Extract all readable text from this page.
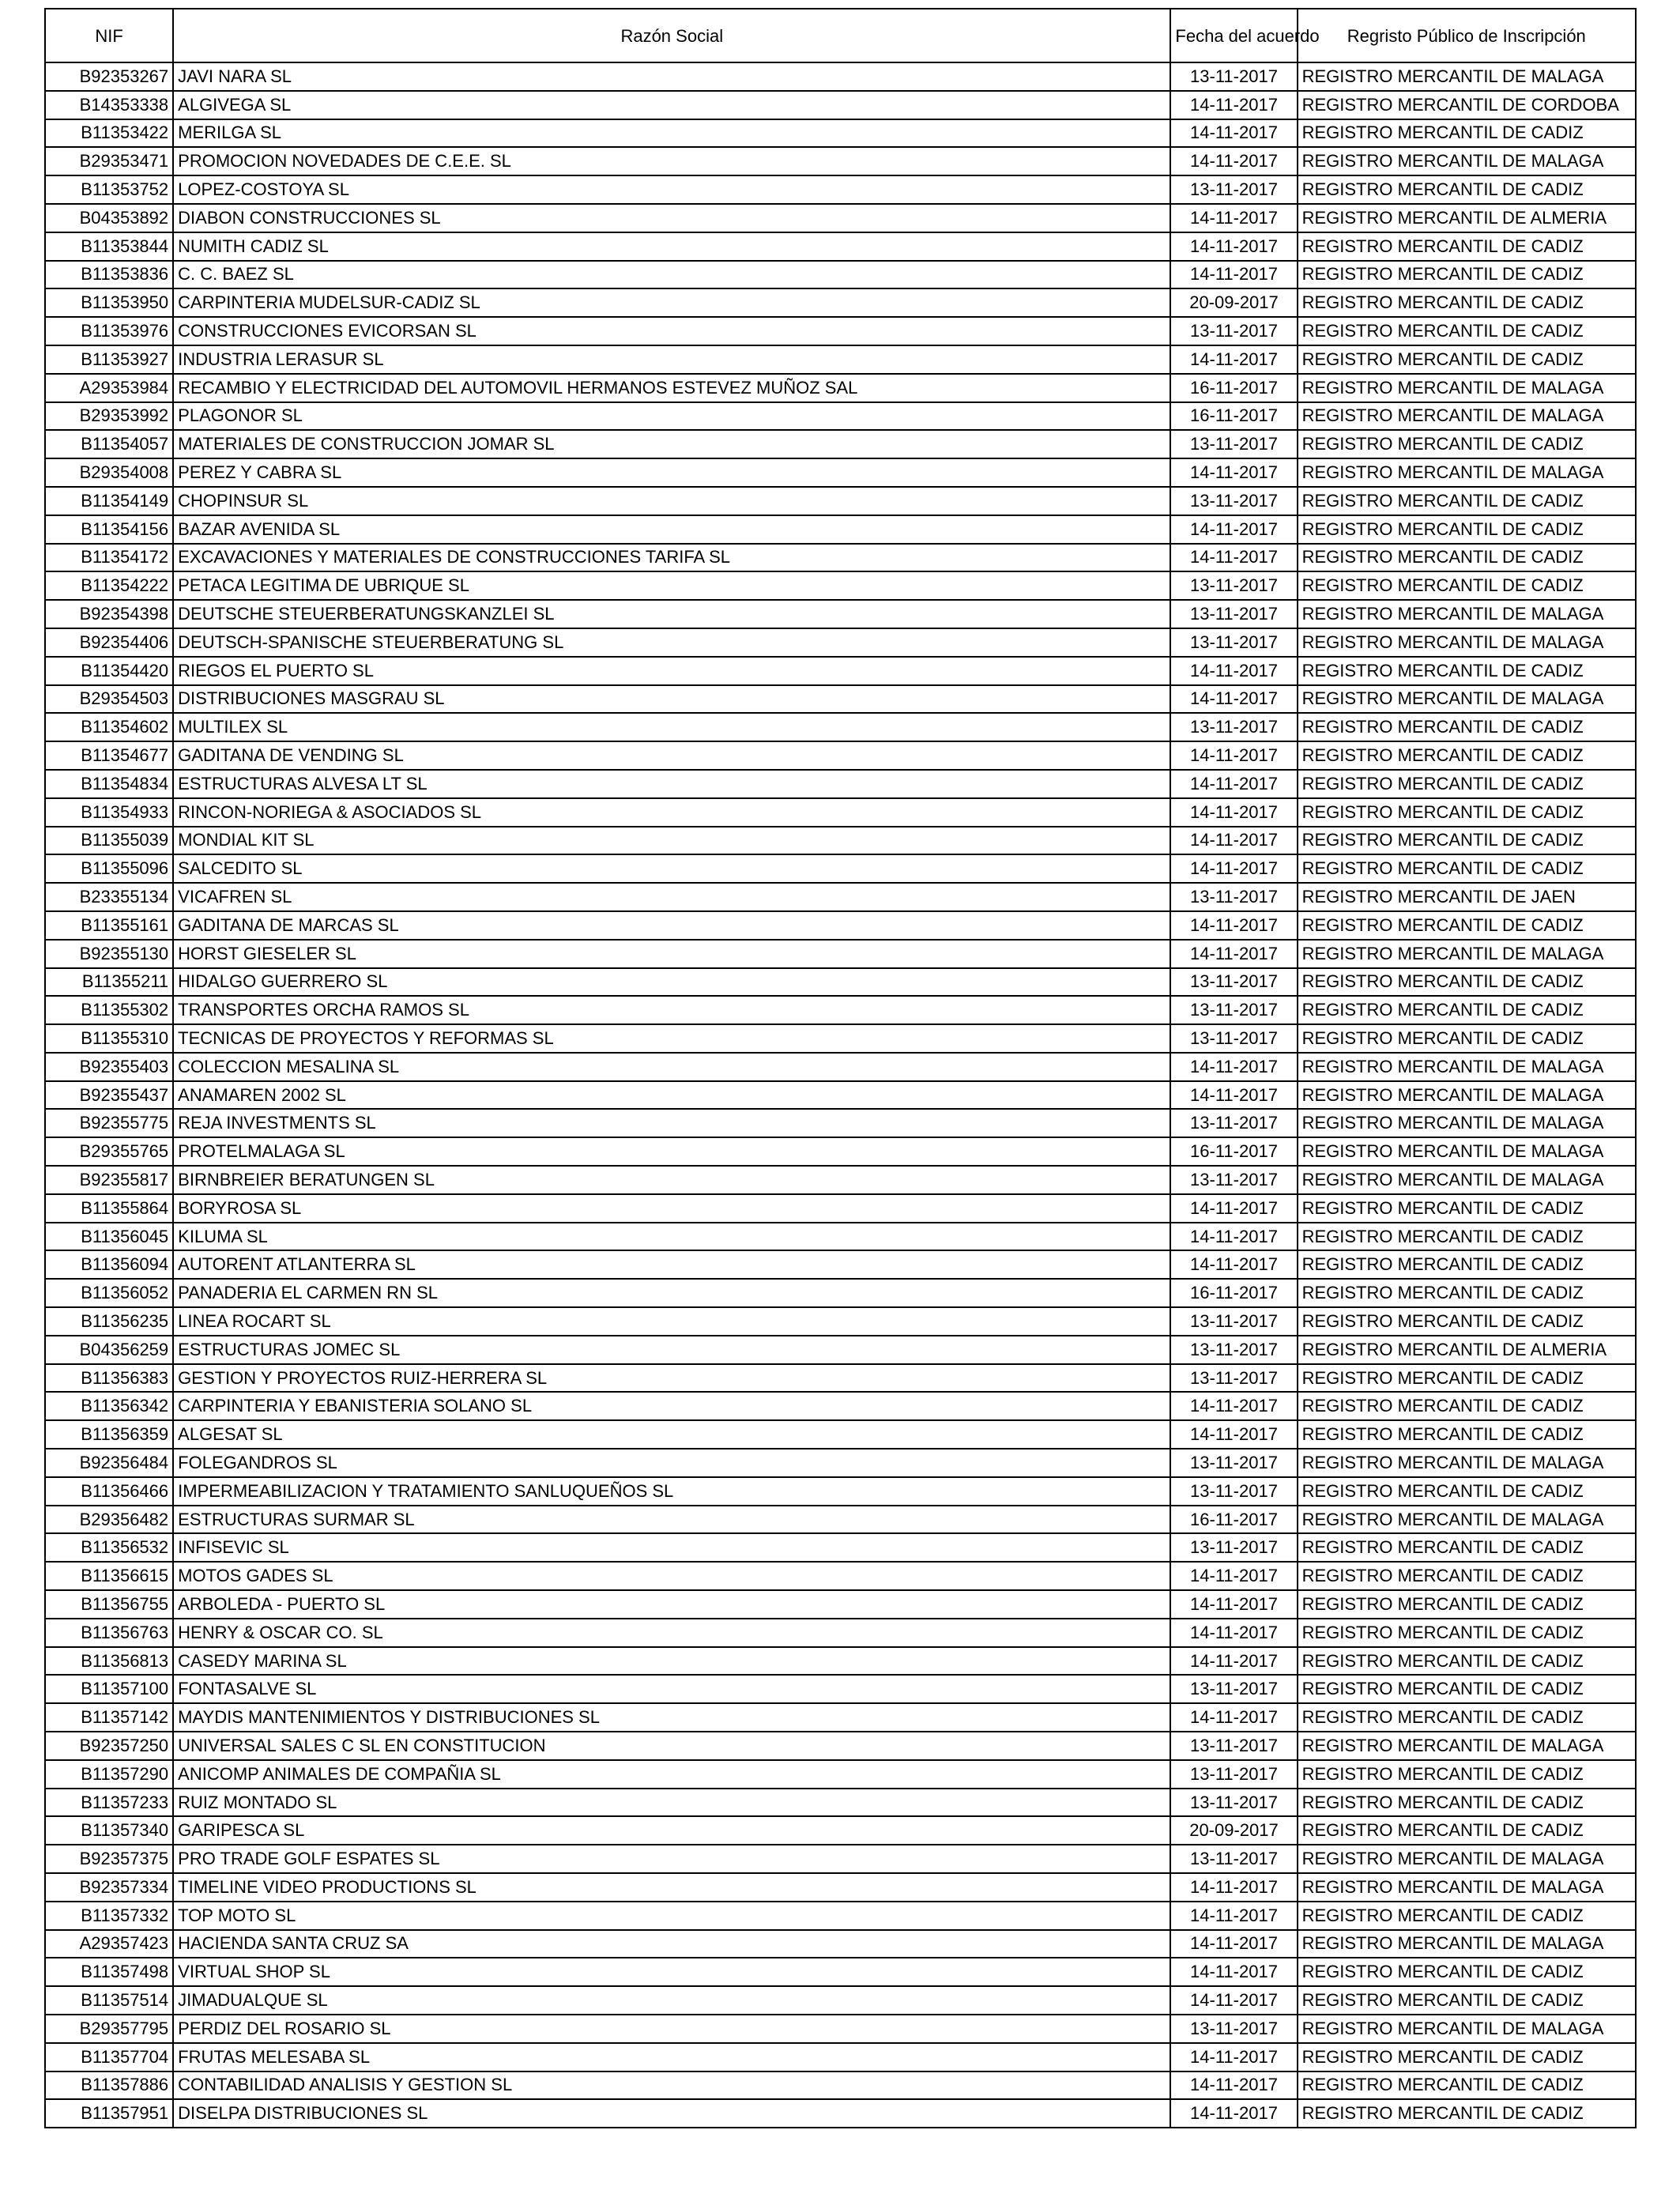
NIF	Razón Social	Fecha del acuerdo	Regristo Público de Inscripción
B92353267	JAVI NARA SL	13-11-2017	REGISTRO MERCANTIL DE MALAGA
B14353338	ALGIVEGA SL	14-11-2017	REGISTRO MERCANTIL DE CORDOBA
B11353422	MERILGA SL	14-11-2017	REGISTRO MERCANTIL DE CADIZ
B29353471	PROMOCION NOVEDADES DE C.E.E. SL	14-11-2017	REGISTRO MERCANTIL DE MALAGA
B11353752	LOPEZ-COSTOYA SL	13-11-2017	REGISTRO MERCANTIL DE CADIZ
B04353892	DIABON CONSTRUCCIONES SL	14-11-2017	REGISTRO MERCANTIL DE ALMERIA
B11353844	NUMITH CADIZ SL	14-11-2017	REGISTRO MERCANTIL DE CADIZ
B11353836	C. C. BAEZ SL	14-11-2017	REGISTRO MERCANTIL DE CADIZ
B11353950	CARPINTERIA MUDELSUR-CADIZ SL	20-09-2017	REGISTRO MERCANTIL DE CADIZ
B11353976	CONSTRUCCIONES EVICORSAN SL	13-11-2017	REGISTRO MERCANTIL DE CADIZ
B11353927	INDUSTRIA LERASUR SL	14-11-2017	REGISTRO MERCANTIL DE CADIZ
A29353984	RECAMBIO Y ELECTRICIDAD DEL AUTOMOVIL HERMANOS ESTEVEZ MUÑOZ SAL	16-11-2017	REGISTRO MERCANTIL DE MALAGA
B29353992	PLAGONOR SL	16-11-2017	REGISTRO MERCANTIL DE MALAGA
B11354057	MATERIALES DE CONSTRUCCION JOMAR SL	13-11-2017	REGISTRO MERCANTIL DE CADIZ
B29354008	PEREZ Y CABRA SL	14-11-2017	REGISTRO MERCANTIL DE MALAGA
B11354149	CHOPINSUR SL	13-11-2017	REGISTRO MERCANTIL DE CADIZ
B11354156	BAZAR AVENIDA SL	14-11-2017	REGISTRO MERCANTIL DE CADIZ
B11354172	EXCAVACIONES Y MATERIALES DE CONSTRUCCIONES TARIFA SL	14-11-2017	REGISTRO MERCANTIL DE CADIZ
B11354222	PETACA LEGITIMA DE UBRIQUE SL	13-11-2017	REGISTRO MERCANTIL DE CADIZ
B92354398	DEUTSCHE STEUERBERATUNGSKANZLEI SL	13-11-2017	REGISTRO MERCANTIL DE MALAGA
B92354406	DEUTSCH-SPANISCHE STEUERBERATUNG SL	13-11-2017	REGISTRO MERCANTIL DE MALAGA
B11354420	RIEGOS EL PUERTO SL	14-11-2017	REGISTRO MERCANTIL DE CADIZ
B29354503	DISTRIBUCIONES MASGRAU SL	14-11-2017	REGISTRO MERCANTIL DE MALAGA
B11354602	MULTILEX SL	13-11-2017	REGISTRO MERCANTIL DE CADIZ
B11354677	GADITANA DE VENDING SL	14-11-2017	REGISTRO MERCANTIL DE CADIZ
B11354834	ESTRUCTURAS ALVESA LT SL	14-11-2017	REGISTRO MERCANTIL DE CADIZ
B11354933	RINCON-NORIEGA & ASOCIADOS SL	14-11-2017	REGISTRO MERCANTIL DE CADIZ
B11355039	MONDIAL KIT SL	14-11-2017	REGISTRO MERCANTIL DE CADIZ
B11355096	SALCEDITO SL	14-11-2017	REGISTRO MERCANTIL DE CADIZ
B23355134	VICAFREN SL	13-11-2017	REGISTRO MERCANTIL DE JAEN
B11355161	GADITANA DE MARCAS SL	14-11-2017	REGISTRO MERCANTIL DE CADIZ
B92355130	HORST GIESELER SL	14-11-2017	REGISTRO MERCANTIL DE MALAGA
B11355211	HIDALGO GUERRERO SL	13-11-2017	REGISTRO MERCANTIL DE CADIZ
B11355302	TRANSPORTES ORCHA RAMOS SL	13-11-2017	REGISTRO MERCANTIL DE CADIZ
B11355310	TECNICAS DE PROYECTOS Y REFORMAS SL	13-11-2017	REGISTRO MERCANTIL DE CADIZ
B92355403	COLECCION MESALINA SL	14-11-2017	REGISTRO MERCANTIL DE MALAGA
B92355437	ANAMAREN 2002 SL	14-11-2017	REGISTRO MERCANTIL DE MALAGA
B92355775	REJA INVESTMENTS SL	13-11-2017	REGISTRO MERCANTIL DE MALAGA
B29355765	PROTELMALAGA SL	16-11-2017	REGISTRO MERCANTIL DE MALAGA
B92355817	BIRNBREIER BERATUNGEN SL	13-11-2017	REGISTRO MERCANTIL DE MALAGA
B11355864	BORYROSA SL	14-11-2017	REGISTRO MERCANTIL DE CADIZ
B11356045	KILUMA SL	14-11-2017	REGISTRO MERCANTIL DE CADIZ
B11356094	AUTORENT ATLANTERRA SL	14-11-2017	REGISTRO MERCANTIL DE CADIZ
B11356052	PANADERIA EL CARMEN RN SL	16-11-2017	REGISTRO MERCANTIL DE CADIZ
B11356235	LINEA ROCART SL	13-11-2017	REGISTRO MERCANTIL DE CADIZ
B04356259	ESTRUCTURAS JOMEC SL	13-11-2017	REGISTRO MERCANTIL DE ALMERIA
B11356383	GESTION Y PROYECTOS RUIZ-HERRERA SL	13-11-2017	REGISTRO MERCANTIL DE CADIZ
B11356342	CARPINTERIA Y EBANISTERIA SOLANO SL	14-11-2017	REGISTRO MERCANTIL DE CADIZ
B11356359	ALGESAT SL	14-11-2017	REGISTRO MERCANTIL DE CADIZ
B92356484	FOLEGANDROS SL	13-11-2017	REGISTRO MERCANTIL DE MALAGA
B11356466	IMPERMEABILIZACION Y TRATAMIENTO SANLUQUEÑOS SL	13-11-2017	REGISTRO MERCANTIL DE CADIZ
B29356482	ESTRUCTURAS SURMAR SL	16-11-2017	REGISTRO MERCANTIL DE MALAGA
B11356532	INFISEVIC SL	13-11-2017	REGISTRO MERCANTIL DE CADIZ
B11356615	MOTOS GADES SL	14-11-2017	REGISTRO MERCANTIL DE CADIZ
B11356755	ARBOLEDA - PUERTO SL	14-11-2017	REGISTRO MERCANTIL DE CADIZ
B11356763	HENRY & OSCAR CO. SL	14-11-2017	REGISTRO MERCANTIL DE CADIZ
B11356813	CASEDY MARINA SL	14-11-2017	REGISTRO MERCANTIL DE CADIZ
B11357100	FONTASALVE SL	13-11-2017	REGISTRO MERCANTIL DE CADIZ
B11357142	MAYDIS MANTENIMIENTOS Y DISTRIBUCIONES SL	14-11-2017	REGISTRO MERCANTIL DE CADIZ
B92357250	UNIVERSAL SALES C SL EN CONSTITUCION	13-11-2017	REGISTRO MERCANTIL DE MALAGA
B11357290	ANICOMP ANIMALES DE COMPAÑIA SL	13-11-2017	REGISTRO MERCANTIL DE CADIZ
B11357233	RUIZ MONTADO SL	13-11-2017	REGISTRO MERCANTIL DE CADIZ
B11357340	GARIPESCA SL	20-09-2017	REGISTRO MERCANTIL DE CADIZ
B92357375	PRO TRADE GOLF ESPATES SL	13-11-2017	REGISTRO MERCANTIL DE MALAGA
B92357334	TIMELINE VIDEO PRODUCTIONS SL	14-11-2017	REGISTRO MERCANTIL DE MALAGA
B11357332	TOP MOTO SL	14-11-2017	REGISTRO MERCANTIL DE CADIZ
A29357423	HACIENDA SANTA CRUZ SA	14-11-2017	REGISTRO MERCANTIL DE MALAGA
B11357498	VIRTUAL SHOP SL	14-11-2017	REGISTRO MERCANTIL DE CADIZ
B11357514	JIMADUALQUE SL	14-11-2017	REGISTRO MERCANTIL DE CADIZ
B29357795	PERDIZ DEL ROSARIO SL	13-11-2017	REGISTRO MERCANTIL DE MALAGA
B11357704	FRUTAS MELESABA SL	14-11-2017	REGISTRO MERCANTIL DE CADIZ
B11357886	CONTABILIDAD ANALISIS Y GESTION SL	14-11-2017	REGISTRO MERCANTIL DE CADIZ
B11357951	DISELPA DISTRIBUCIONES SL	14-11-2017	REGISTRO MERCANTIL DE CADIZ
